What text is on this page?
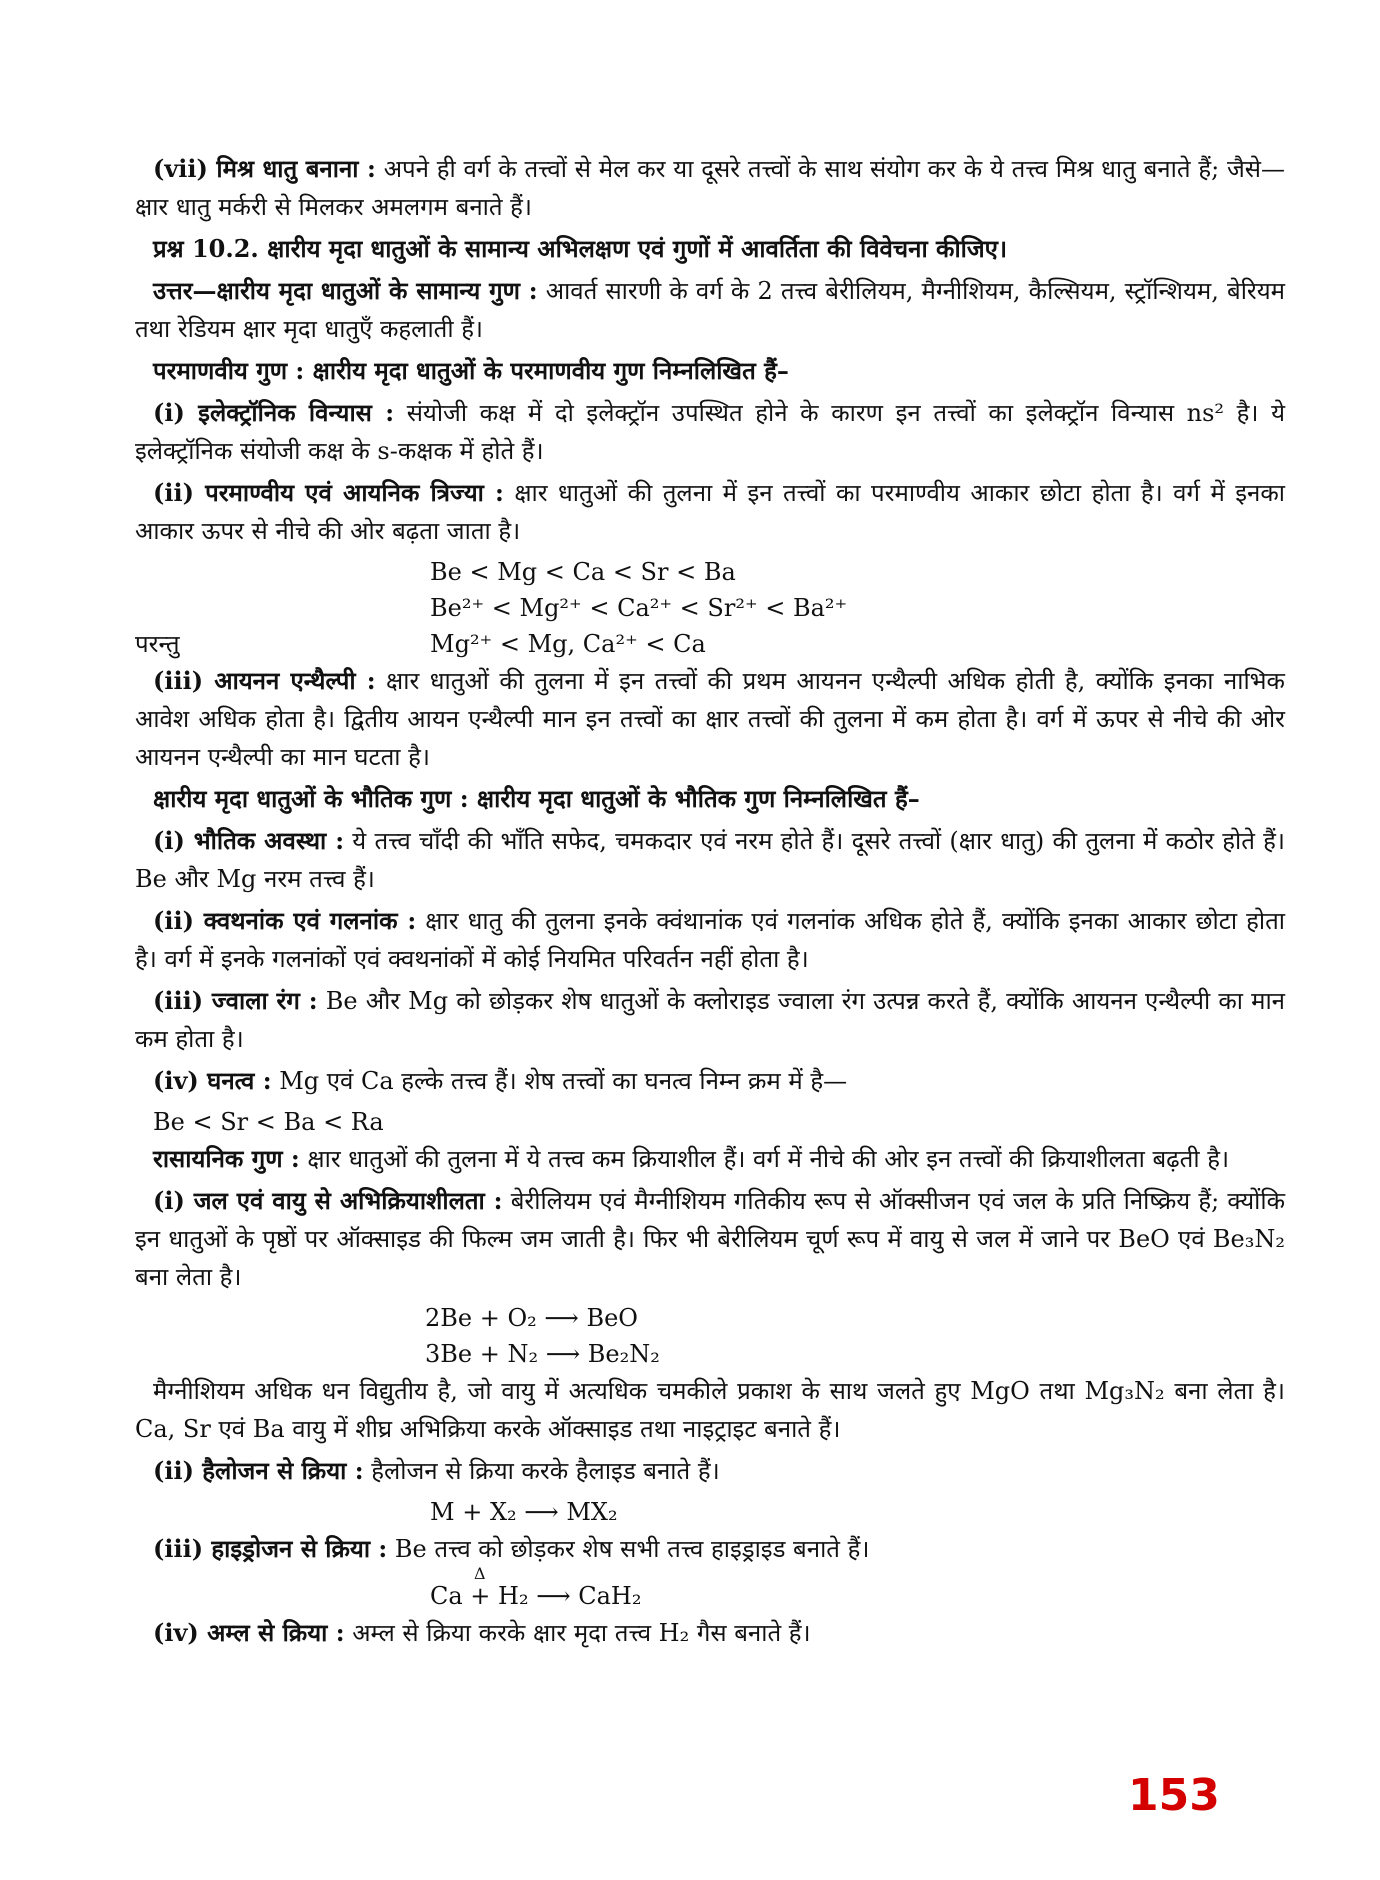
(vii) मिश्र धातु बनाना : अपने ही वर्ग के तत्त्वों से मेल कर या दूसरे तत्त्वों के साथ संयोग कर के ये तत्त्व मिश्र धातु बनाते हैं; जैसे—क्षार धातु मर्करी से मिलकर अमलगम बनाते हैं।

प्रश्न 10.2. क्षारीय मृदा धातुओं के सामान्य अभिलक्षण एवं गुणों में आवर्तिता की विवेचना कीजिए।

उत्तर—क्षारीय मृदा धातुओं के सामान्य गुण : आवर्त सारणी के वर्ग के 2 तत्त्व बेरीलियम, मैग्नीशियम, कैल्सियम, स्ट्रॉन्शियम, बेरियम तथा रेडियम क्षार मृदा धातुएँ कहलाती हैं।

परमाणवीय गुण : क्षारीय मृदा धातुओं के परमाणवीय गुण निम्नलिखित हैं–

(i) इलेक्ट्रॉनिक विन्यास : संयोजी कक्ष में दो इलेक्ट्रॉन उपस्थित होने के कारण इन तत्त्वों का इलेक्ट्रॉन विन्यास ns² है। ये इलेक्ट्रॉनिक संयोजी कक्ष के s-कक्षक में होते हैं।

(ii) परमाण्वीय एवं आयनिक त्रिज्या : क्षार धातुओं की तुलना में इन तत्त्वों का परमाण्वीय आकार छोटा होता है। वर्ग में इनका आकार ऊपर से नीचे की ओर बढ़ता जाता है।

Be < Mg < Ca < Sr < Ba

Be²⁺ < Mg²⁺ < Ca²⁺ < Sr²⁺ < Ba²⁺

परन्तु	Mg²⁺ < Mg, Ca²⁺ < Ca

(iii) आयनन एन्थैल्पी : क्षार धातुओं की तुलना में इन तत्त्वों की प्रथम आयनन एन्थैल्पी अधिक होती है, क्योंकि इनका नाभिक आवेश अधिक होता है। द्वितीय आयन एन्थैल्पी मान इन तत्त्वों का क्षार तत्त्वों की तुलना में कम होता है। वर्ग में ऊपर से नीचे की ओर आयनन एन्थैल्पी का मान घटता है।

क्षारीय मृदा धातुओं के भौतिक गुण : क्षारीय मृदा धातुओं के भौतिक गुण निम्नलिखित हैं–

(i) भौतिक अवस्था : ये तत्त्व चाँदी की भाँति सफेद, चमकदार एवं नरम होते हैं। दूसरे तत्त्वों (क्षार धातु) की तुलना में कठोर होते हैं। Be और Mg नरम तत्त्व हैं।

(ii) क्वथनांक एवं गलनांक : क्षार धातु की तुलना इनके क्वंथानांक एवं गलनांक अधिक होते हैं, क्योंकि इनका आकार छोटा होता है। वर्ग में इनके गलनांकों एवं क्वथनांकों में कोई नियमित परिवर्तन नहीं होता है।

(iii) ज्वाला रंग : Be और Mg को छोड़कर शेष धातुओं के क्लोराइड ज्वाला रंग उत्पन्न करते हैं, क्योंकि आयनन एन्थैल्पी का मान कम होता है।

(iv) घनत्व : Mg एवं Ca हल्के तत्त्व हैं। शेष तत्त्वों का घनत्व निम्न क्रम में है—

Be < Sr < Ba < Ra

रासायनिक गुण : क्षार धातुओं की तुलना में ये तत्त्व कम क्रियाशील हैं। वर्ग में नीचे की ओर इन तत्त्वों की क्रियाशीलता बढ़ती है।

(i) जल एवं वायु से अभिक्रियाशीलता : बेरीलियम एवं मैग्नीशियम गतिकीय रूप से ऑक्सीजन एवं जल के प्रति निष्क्रिय हैं; क्योंकि इन धातुओं के पृष्ठों पर ऑक्साइड की फिल्म जम जाती है। फिर भी बेरीलियम चूर्ण रूप में वायु से जल में जाने पर BeO एवं Be₃N₂ बना लेता है।

2Be + O₂ ⟶ BeO

3Be + N₂ ⟶ Be₂N₂

मैग्नीशियम अधिक धन विद्युतीय है, जो वायु में अत्यधिक चमकीले प्रकाश के साथ जलते हुए MgO तथा Mg₃N₂ बना लेता है। Ca, Sr एवं Ba वायु में शीघ्र अभिक्रिया करके ऑक्साइड तथा नाइट्राइट बनाते हैं।

(ii) हैलोजन से क्रिया : हैलोजन से क्रिया करके हैलाइड बनाते हैं।

M + X₂ ⟶ MX₂

(iii) हाइड्रोजन से क्रिया : Be तत्त्व को छोड़कर शेष सभी तत्त्व हाइड्राइड बनाते हैं।

Δ
Ca + H₂ ⟶ CaH₂

(iv) अम्ल से क्रिया : अम्ल से क्रिया करके क्षार मृदा तत्त्व H₂ गैस बनाते हैं।

153
